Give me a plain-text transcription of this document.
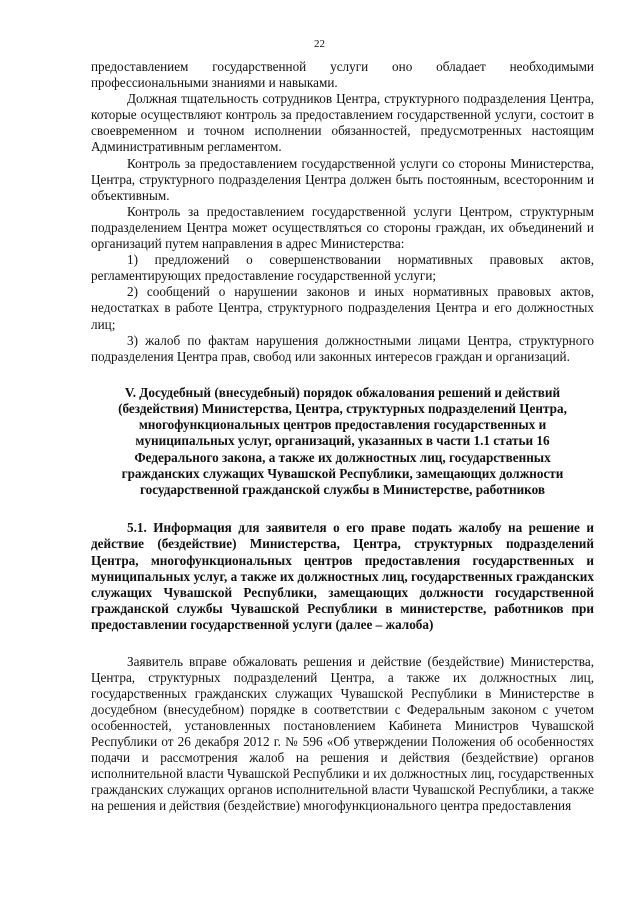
22

предоставлением государственной услуги оно обладает необходимыми профессиональными знаниями и навыками.

Должная тщательность сотрудников Центра, структурного подразделения Центра, которые осуществляют контроль за предоставлением государственной услуги, состоит в своевременном и точном исполнении обязанностей, предусмотренных настоящим Административным регламентом.

Контроль за предоставлением государственной услуги со стороны Министерства, Центра, структурного подразделения Центра должен быть постоянным, всесторонним и объективным.

Контроль за предоставлением государственной услуги Центром, структурным подразделением Центра может осуществляться со стороны граждан, их объединений и организаций путем направления в адрес Министерства:

1) предложений о совершенствовании нормативных правовых актов, регламентирующих предоставление государственной услуги;

2) сообщений о нарушении законов и иных нормативных правовых актов, недостатках в работе Центра, структурного подразделения Центра и его должностных лиц;

3) жалоб по фактам нарушения должностными лицами Центра, структурного подразделения Центра прав, свобод или законных интересов граждан и организаций.

V. Досудебный (внесудебный) порядок обжалования решений и действий (бездействия) Министерства, Центра, структурных подразделений Центра, многофункциональных центров предоставления государственных и муниципальных услуг, организаций, указанных в части 1.1 статьи 16 Федерального закона, а также их должностных лиц, государственных гражданских служащих Чувашской Республики, замещающих должности государственной гражданской службы в Министерстве, работников

5.1. Информация для заявителя о его праве подать жалобу на решение и действие (бездействие) Министерства, Центра, структурных подразделений Центра, многофункциональных центров предоставления государственных и муниципальных услуг, а также их должностных лиц, государственных гражданских служащих Чувашской Республики, замещающих должности государственной гражданской службы Чувашской Республики в министерстве, работников при предоставлении государственной услуги (далее – жалоба)

Заявитель вправе обжаловать решения и действие (бездействие) Министерства, Центра, структурных подразделений Центра, а также их должностных лиц, государственных гражданских служащих Чувашской Республики в Министерстве в досудебном (внесудебном) порядке в соответствии с Федеральным законом с учетом особенностей, установленных постановлением Кабинета Министров Чувашской Республики от 26 декабря 2012 г. № 596 «Об утверждении Положения об особенностях подачи и рассмотрения жалоб на решения и действия (бездействие) органов исполнительной власти Чувашской Республики и их должностных лиц, государственных гражданских служащих органов исполнительной власти Чувашской Республики, а также на решения и действия (бездействие) многофункционального центра предоставления
